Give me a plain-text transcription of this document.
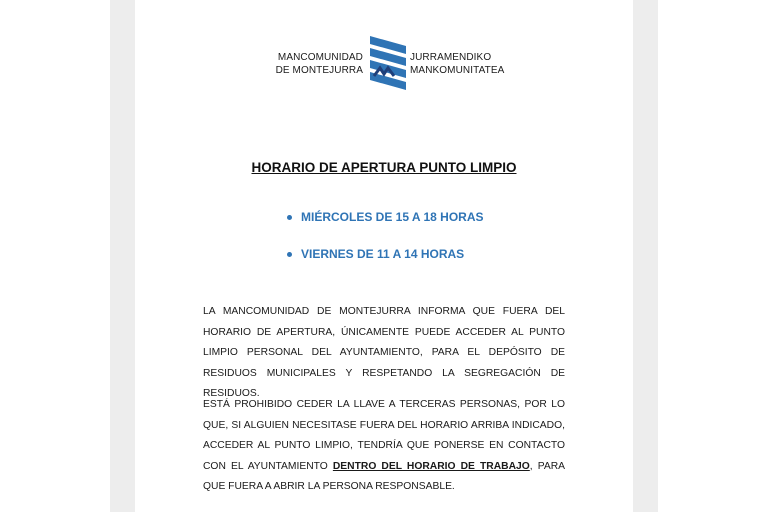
MANCOMUNIDAD
DE MONTEJURRA
JURRAMENDIKO
MANKOMUNITATEA
HORARIO DE APERTURA PUNTO LIMPIO
MIÉRCOLES DE 15 A 18 HORAS
VIERNES DE 11 A 14 HORAS

LA MANCOMUNIDAD DE MONTEJURRA INFORMA QUE FUERA DEL HORARIO DE APERTURA, ÚNICAMENTE PUEDE ACCEDER AL PUNTO LIMPIO PERSONAL DEL AYUNTAMIENTO, PARA EL DEPÓSITO DE RESIDUOS MUNICIPALES Y RESPETANDO LA SEGREGACIÓN DE RESIDUOS.

ESTÁ PROHIBIDO CEDER LA LLAVE A TERCERAS PERSONAS, POR LO QUE, SI ALGUIEN NECESITASE FUERA DEL HORARIO ARRIBA INDICADO, ACCEDER AL PUNTO LIMPIO, TENDRÍA QUE PONERSE EN CONTACTO CON EL AYUNTAMIENTO DENTRO DEL HORARIO DE TRABAJO, PARA QUE FUERA A ABRIR LA PERSONA RESPONSABLE.
